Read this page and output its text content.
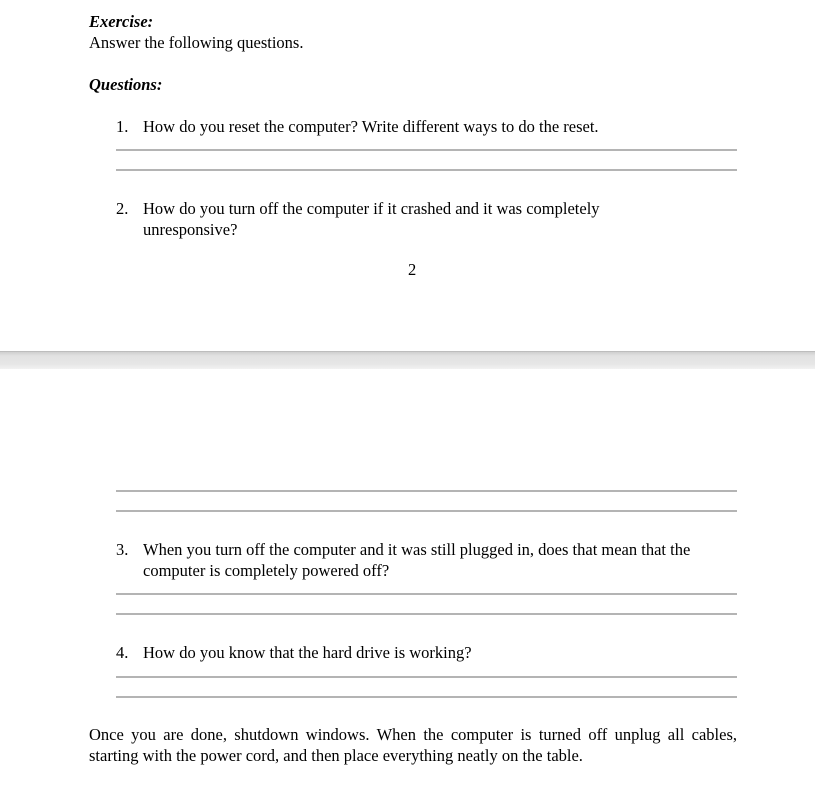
Exercise:
Answer the following questions.
Questions:
1. How do you reset the computer? Write different ways to do the reset.
2. How do you turn off the computer if it crashed and it was completely unresponsive?
2
3. When you turn off the computer and it was still plugged in, does that mean that the computer is completely powered off?
4. How do you know that the hard drive is working?
Once you are done, shutdown windows. When the computer is turned off unplug all cables, starting with the power cord, and then place everything neatly on the table.
